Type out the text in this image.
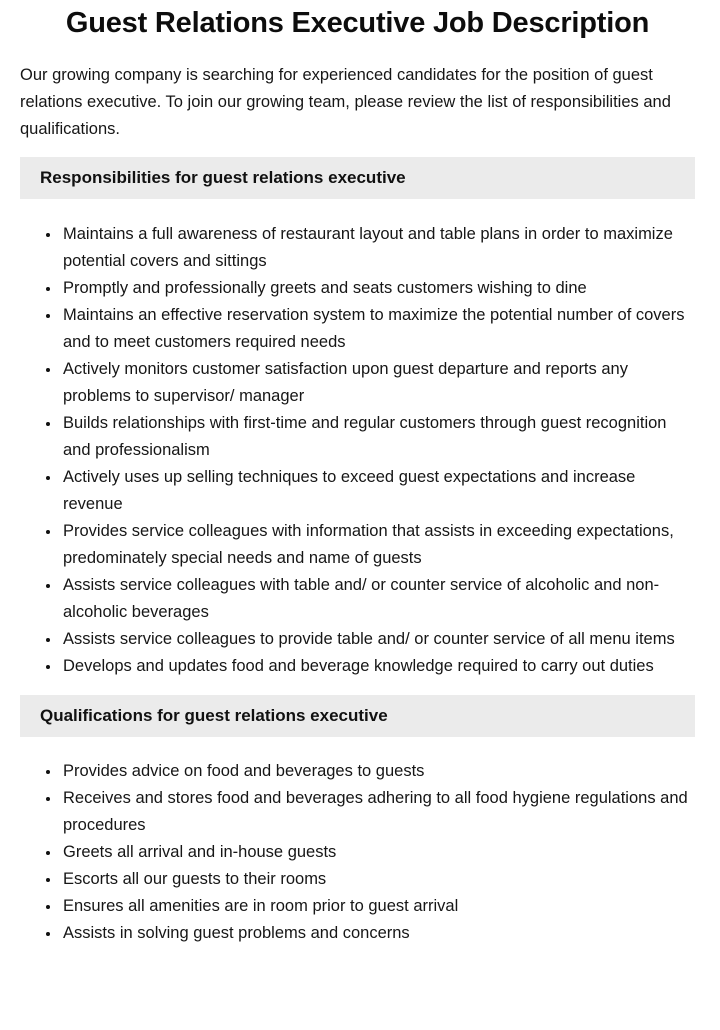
Guest Relations Executive Job Description

Our growing company is searching for experienced candidates for the position of guest relations executive. To join our growing team, please review the list of responsibilities and qualifications.

Responsibilities for guest relations executive
• Maintains a full awareness of restaurant layout and table plans in order to maximize potential covers and sittings
• Promptly and professionally greets and seats customers wishing to dine
• Maintains an effective reservation system to maximize the potential number of covers and to meet customers required needs
• Actively monitors customer satisfaction upon guest departure and reports any problems to supervisor/ manager
• Builds relationships with first-time and regular customers through guest recognition and professionalism
• Actively uses up selling techniques to exceed guest expectations and increase revenue
• Provides service colleagues with information that assists in exceeding expectations, predominately special needs and name of guests
• Assists service colleagues with table and/ or counter service of alcoholic and non-alcoholic beverages
• Assists service colleagues to provide table and/ or counter service of all menu items
• Develops and updates food and beverage knowledge required to carry out duties
Qualifications for guest relations executive
• Provides advice on food and beverages to guests
• Receives and stores food and beverages adhering to all food hygiene regulations and procedures
• Greets all arrival and in-house guests
• Escorts all our guests to their rooms
• Ensures all amenities are in room prior to guest arrival
• Assists in solving guest problems and concerns
